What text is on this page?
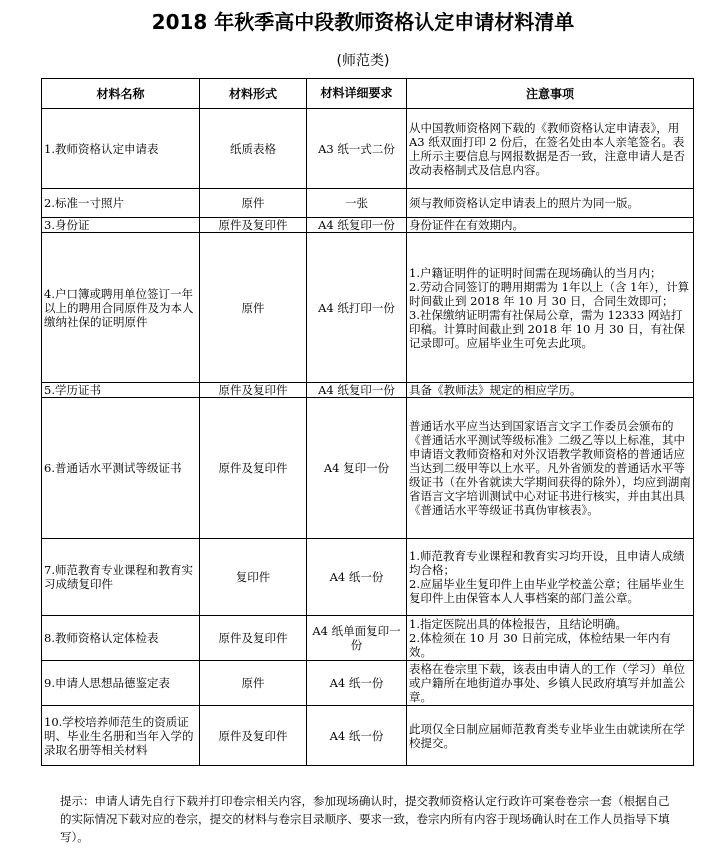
2018 年秋季高中段教师资格认定申请材料清单
(师范类)
材料名称	材料形式	材料详细要求	注意事项
1.教师资格认定申请表	纸质表格	A3 纸一式二份	从中国教师资格网下载的《教师资格认定申请表》，用 A3 纸双面打印 2 份后，在签名处由本人亲笔签名。表上所示主要信息与网报数据是否一致，注意申请人是否改动表格制式及信息内容。
2.标准一寸照片	原件	一张	须与教师资格认定申请表上的照片为同一版。
3.身份证	原件及复印件	A4 纸复印一份	身份证件在有效期内。
4.户口簿或聘用单位签订一年以上的聘用合同原件及为本人缴纳社保的证明原件	原件	A4 纸打印一份	1.户籍证明件的证明时间需在现场确认的当月内；
2.劳动合同签订的聘用期需为 1年以上（含 1年），计算时间截止到 2018 年 10 月 30 日，合同生效即可；
3.社保缴纳证明需有社保局公章，需为 12333 网站打印稿。计算时间截止到 2018 年 10 月 30 日，有社保记录即可。应届毕业生可免去此项。
5.学历证书	原件及复印件	A4 纸复印一份	具备《教师法》规定的相应学历。
6.普通话水平测试等级证书	原件及复印件	A4 复印一份	普通话水平应当达到国家语言文字工作委员会颁布的《普通话水平测试等级标准》二级乙等以上标准，其中申请语文教师资格和对外汉语教学教师资格的普通话应当达到二级甲等以上水平。凡外省颁发的普通话水平等级证书（在外省就读大学期间获得的除外），均应到湖南省语言文字培训测试中心对证书进行核实，并由其出具《普通话水平等级证书真伪审核表》。
7.师范教育专业课程和教育实习成绩复印件	复印件	A4 纸一份	1.师范教育专业课程和教育实习均开设，且申请人成绩均合格；
2.应届毕业生复印件上由毕业学校盖公章；往届毕业生复印件上由保管本人人事档案的部门盖公章。
8.教师资格认定体检表	原件及复印件	A4 纸单面复印一份	1.指定医院出具的体检报告，且结论明确。
2.体检须在 10 月 30 日前完成，体检结果一年内有效。
9.申请人思想品德鉴定表	原件	A4 纸一份	表格在卷宗里下载，该表由申请人的工作（学习）单位或户籍所在地街道办事处、乡镇人民政府填写并加盖公章。
10.学校培养师范生的资质证明、毕业生名册和当年入学的录取名册等相关材料	原件及复印件	A4 纸一份	此项仅全日制应届师范教育类专业毕业生由就读所在学校提交。
提示：申请人请先自行下载并打印卷宗相关内容，参加现场确认时，提交教师资格认定行政许可案卷卷宗一套（根据自己的实际情况下载对应的卷宗，提交的材料与卷宗目录顺序、要求一致，卷宗内所有内容于现场确认时在工作人员指导下填写）。
